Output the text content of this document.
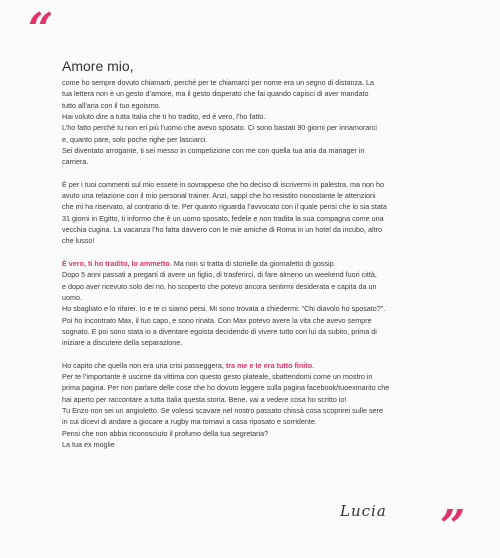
“
Amore mio,

come ho sempre dovuto chiamarti, perché per te chiamarci per nome era un segno di distanza. La
tua lettera non è un gesto d’amore, ma il gesto disperato che fai quando capisci di aver mandato
tutto all’aria con il tuo egoismo.
Hai voluto dire a tutta Italia che ti ho tradito, ed è vero, l’ho fatto.
L’ho fatto perché tu non eri più l’uomo che avevo sposato. Ci sono bastati 90 giorni per innamorarci
e, quanto pare, solo poche righe per lasciarci.
Sei diventato arrogante, ti sei messo in competizione con me con quella tua aria da manager in
carriera.

È per i tuoi commenti sul mio essere in sovrappeso che ho deciso di iscrivermi in palestra, ma non ho
avuto una relazione con il mio personal trainer. Anzi, sappi che ho resistito nonostante le attenzioni
che mi ha riservato, al contrario di te. Per quanto riguarda l’avvocato con il quale pensi che io sia stata
31 giorni in Egitto, ti informo che è un uomo sposato, fedele e non tradita la sua compagna come una
vecchia cugina. La vacanza l’ho fatta davvero con le mie amiche di Roma in un hotel da incubo, altro
che lusso!

È vero, ti ho tradito, lo ammetto. Ma non si tratta di storielle da giornaletto di gossip.
Dopo 5 anni passati a pregarti di avere un figlio, di trasferirci, di fare almeno un weekend fuori città,
e dopo aver ricevuto solo dei no, ho scoperto che potevo ancora sentirmi desiderata e capita da un
uomo.
Ho sbagliato e lo rifarei. Io e te ci siamo persi. Mi sono trovata a chiedermi: “Chi diavolo ho sposato?”.
Poi ho incontrato Max, il tuo capo, e sono rinata. Con Max potevo avere la vita che avevo sempre
sognato. E poi sono stata io a diventare egoista decidendo di vivere tutto con lui da subito, prima di
iniziare a discutere della separazione.

Ho capito che quella non era una crisi passeggera, tra me e te era tutto finito.
Per te l’importante è uscirne da vittima con questo gesto plateale, sbattendomi come un mostro in
prima pagina. Per non parlare delle cose che ho dovuto leggere sulla pagina facebook/tuoexmarito che
hai aperto per raccontare a tutta Italia questa storia. Bene, vai a vedere cosa ho scritto io!
Tu Enzo non sei un angioletto. Se volessi scavare nel nostro passato chissà cosa scoprirei sulle sere
in cui dicevi di andare a giocare a rugby ma tornavi a casa riposato e sorridente.
Pensi che non abbia riconosciuto il profumo della tua segretaria?
La tua ex moglie

Lucia ”
